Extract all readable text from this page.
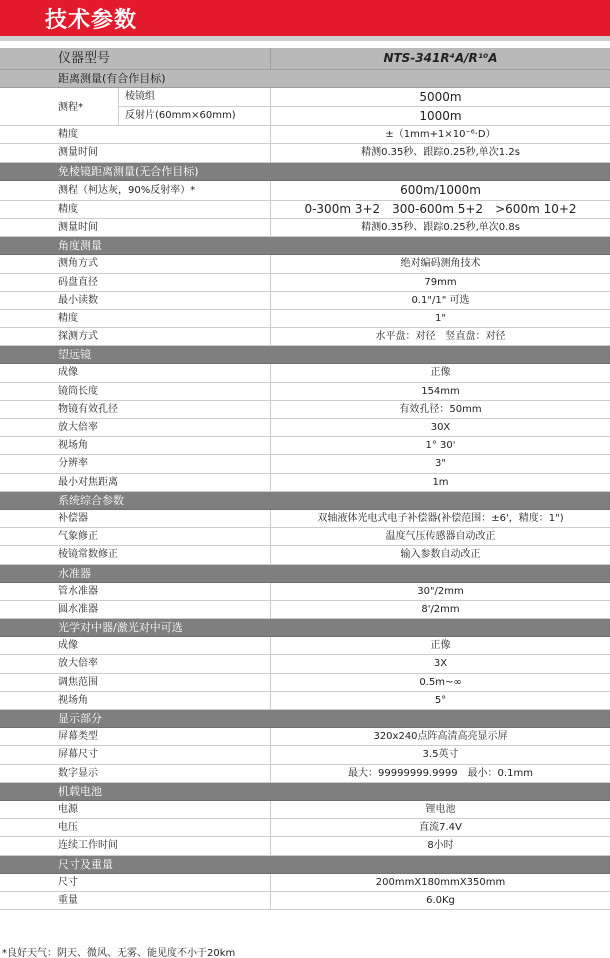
技术参数
仪器型号	NTS-341R⁴A/R¹⁰A
距离测量(有合作目标)
测程*
棱镜组	5000m
反射片(60mm×60mm)	1000m
精度	±（1mm+1×10⁻⁶·D）
测量时间	精测0.35秒、跟踪0.25秒,单次1.2s
免棱镜距离测量(无合作目标)
测程（柯达灰，90%反射率）*	600m/1000m
精度	0-300m 3+2　300-600m 5+2　>600m 10+2
测量时间	精测0.35秒、跟踪0.25秒,单次0.8s
角度测量
测角方式	绝对编码测角技术
码盘直径	79mm
最小读数	0.1"/1" 可选
精度	1"
探测方式	水平盘：对径　竖直盘：对径
望远镜
成像	正像
镜筒长度	154mm
物镜有效孔径	有效孔径：50mm
放大倍率	30X
视场角	1° 30'
分辨率	3"
最小对焦距离	1m
系统综合参数
补偿器	双轴液体光电式电子补偿器(补偿范围：±6'，精度：1")
气象修正	温度气压传感器自动改正
棱镜常数修正	输入参数自动改正
水准器
管水准器	30"/2mm
圆水准器	8'/2mm
光学对中器/激光对中可选
成像	正像
放大倍率	3X
调焦范围	0.5m~∞
视场角	5°
显示部分
屏幕类型	320x240点阵高清高亮显示屏
屏幕尺寸	3.5英寸
数字显示	最大：99999999.9999　最小：0.1mm
机载电池
电源	锂电池
电压	直流7.4V
连续工作时间	8小时
尺寸及重量
尺寸	200mmX180mmX350mm
重量	6.0Kg
*良好天气：阴天、微风、无雾、能见度不小于20km
